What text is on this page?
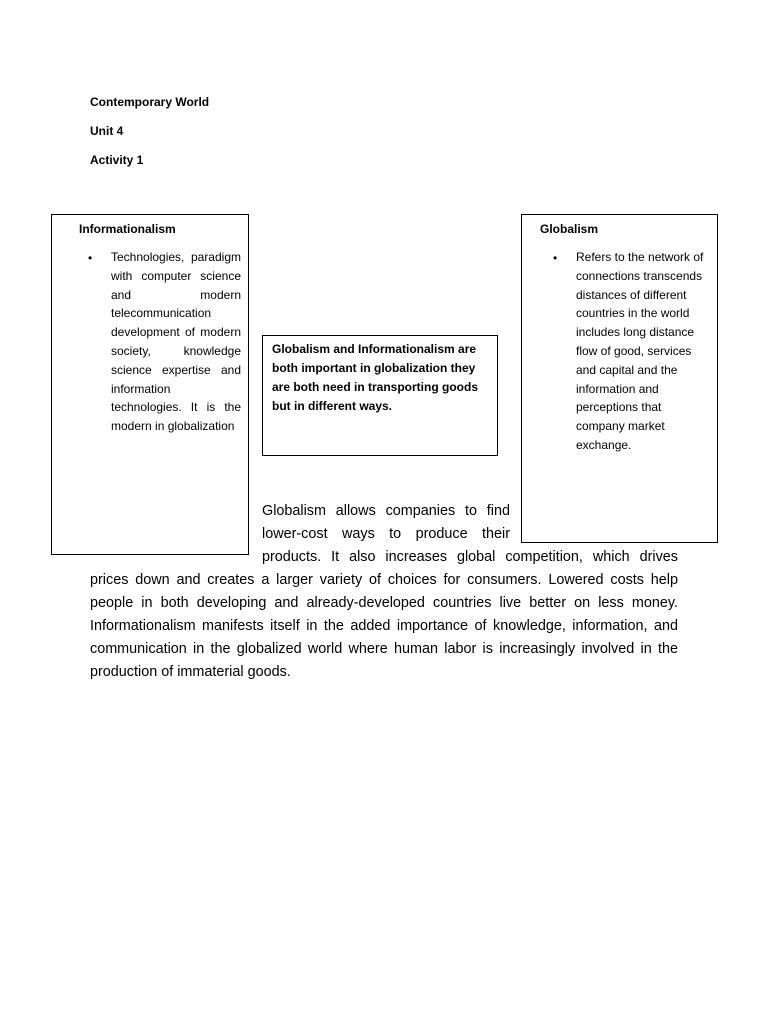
Contemporary World
Unit 4
Activity 1
Globalism allows companies to find lower-cost ways to produce their products. It also increases global competition, which drives prices down and creates a larger variety of choices for consumers. Lowered costs help people in both developing and already-developed countries live better on less money. Informationalism manifests itself in the added importance of knowledge, information, and communication in the globalized world where human labor is increasingly involved in the production of immaterial goods.
Informationalism
• Technologies, paradigm with computer science and modern telecommunication development of modern society, knowledge science expertise and information technologies. It is the modern in globalization
Globalism and Informationalism are both important in globalization they are both need in transporting goods but in different ways.
Globalism
• Refers to the network of connections transcends distances of different countries in the world includes long distance flow of good, services and capital and the information and perceptions that company market exchange.
